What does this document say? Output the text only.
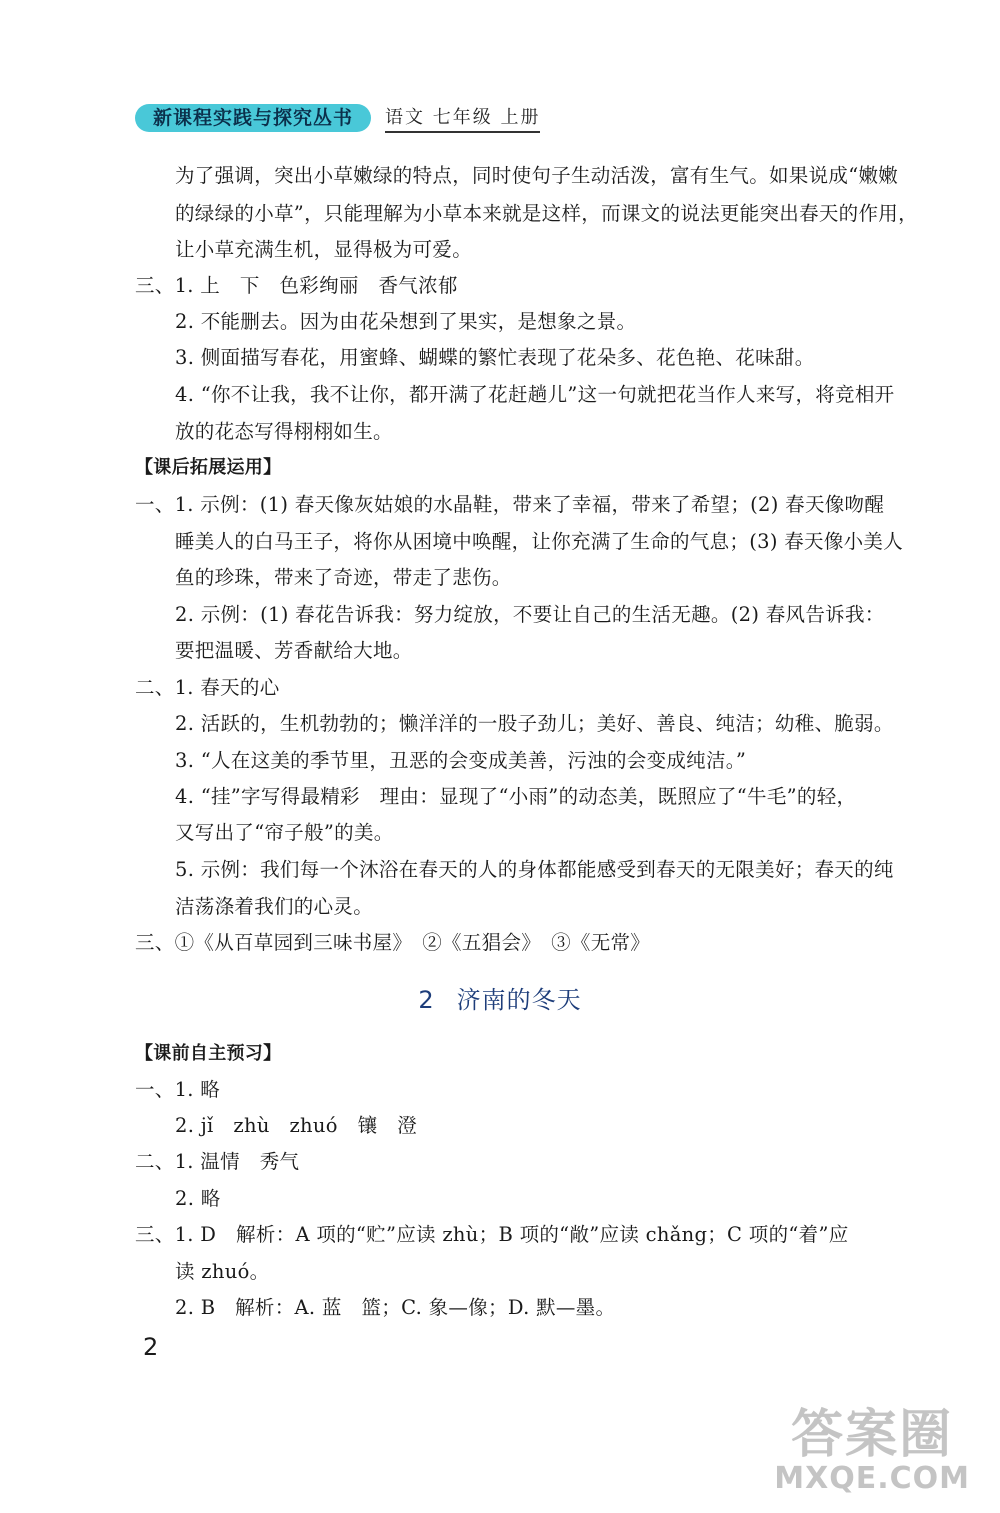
新课程实践与探究丛书	语文 七年级 上册
为了强调，突出小草嫩绿的特点，同时使句子生动活泼，富有生气。如果说成“嫩嫩
的绿绿的小草”，只能理解为小草本来就是这样，而课文的说法更能突出春天的作用，
让小草充满生机，显得极为可爱。
三、1. 上　下　色彩绚丽　香气浓郁
2. 不能删去。因为由花朵想到了果实，是想象之景。
3. 侧面描写春花，用蜜蜂、蝴蝶的繁忙表现了花朵多、花色艳、花味甜。
4. “你不让我，我不让你，都开满了花赶趟儿”这一句就把花当作人来写，将竞相开
放的花态写得栩栩如生。
【课后拓展运用】
一、1. 示例：(1) 春天像灰姑娘的水晶鞋，带来了幸福，带来了希望；(2) 春天像吻醒
睡美人的白马王子，将你从困境中唤醒，让你充满了生命的气息；(3) 春天像小美人
鱼的珍珠，带来了奇迹，带走了悲伤。
2. 示例：(1) 春花告诉我：努力绽放，不要让自己的生活无趣。(2) 春风告诉我：
要把温暖、芳香献给大地。
二、1. 春天的心
2. 活跃的，生机勃勃的；懒洋洋的一股子劲儿；美好、善良、纯洁；幼稚、脆弱。
3. “人在这美的季节里，丑恶的会变成美善，污浊的会变成纯洁。”
4. “挂”字写得最精彩　理由：显现了“小雨”的动态美，既照应了“牛毛”的轻，
又写出了“帘子般”的美。
5. 示例：我们每一个沐浴在春天的人的身体都能感受到春天的无限美好；春天的纯
洁荡涤着我们的心灵。
三、①《从百草园到三味书屋》　②《五猖会》　③《无常》
2 济南的冬天
【课前自主预习】
一、1. 略
2. jǐ　zhù　zhuó　镶　澄
二、1. 温情　秀气
2. 略
三、1. D　解析：A 项的“贮”应读 zhù；B 项的“敞”应读 chǎng；C 项的“着”应
读 zhuó。
2. B　解析：A. 蓝　篮；C. 象—像；D. 默—墨。
2
答案圈
MXQE.COM
